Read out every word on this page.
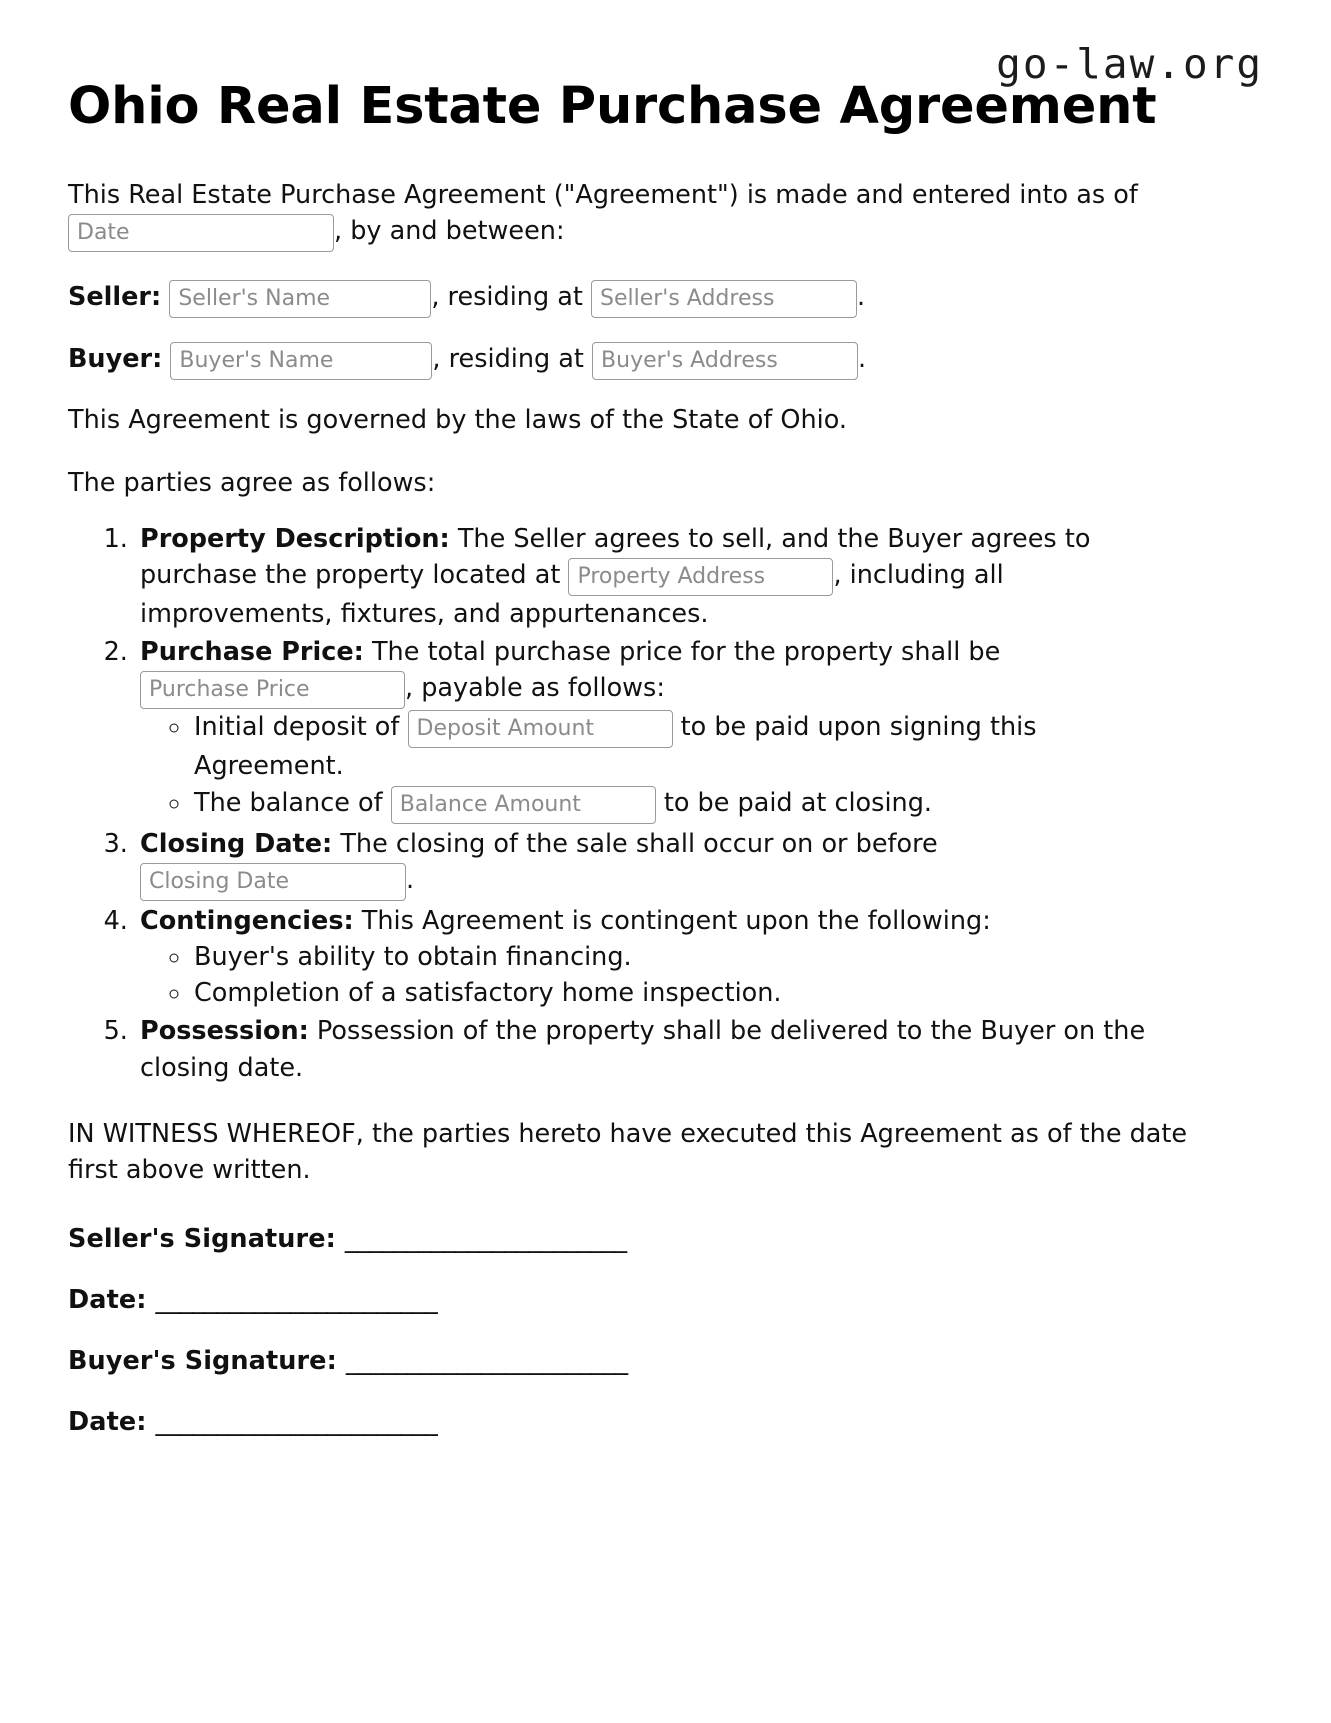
go-law.org
Ohio Real Estate Purchase Agreement

This Real Estate Purchase Agreement ("Agreement") is made and entered into as of
Date, by and between:

Seller: Seller's Name	, residing at Seller's Address	.
Buyer: Buyer's Name	, residing at Buyer's Address	.

This Agreement is governed by the laws of the State of Ohio.

The parties agree as follows:

1. Property Description: The Seller agrees to sell, and the Buyer agrees to purchase the property located at Property Address	, including all improvements, fixtures, and appurtenances.
2. Purchase Price: The total purchase price for the property shall be Purchase Price, payable as follows:
◦ Initial deposit of Deposit Amount	to be paid upon signing this Agreement.
◦ The balance of Balance Amount	to be paid at closing.
3. Closing Date: The closing of the sale shall occur on or before Closing Date.
4. Contingencies: This Agreement is contingent upon the following:
◦ Buyer's ability to obtain financing.
◦ Completion of a satisfactory home inspection.
5. Possession: Possession of the property shall be delivered to the Buyer on the closing date.

IN WITNESS WHEREOF, the parties hereto have executed this Agreement as of the date first above written.

Seller's Signature: _______________________
Date: _______________________
Buyer's Signature: _______________________
Date: _______________________
